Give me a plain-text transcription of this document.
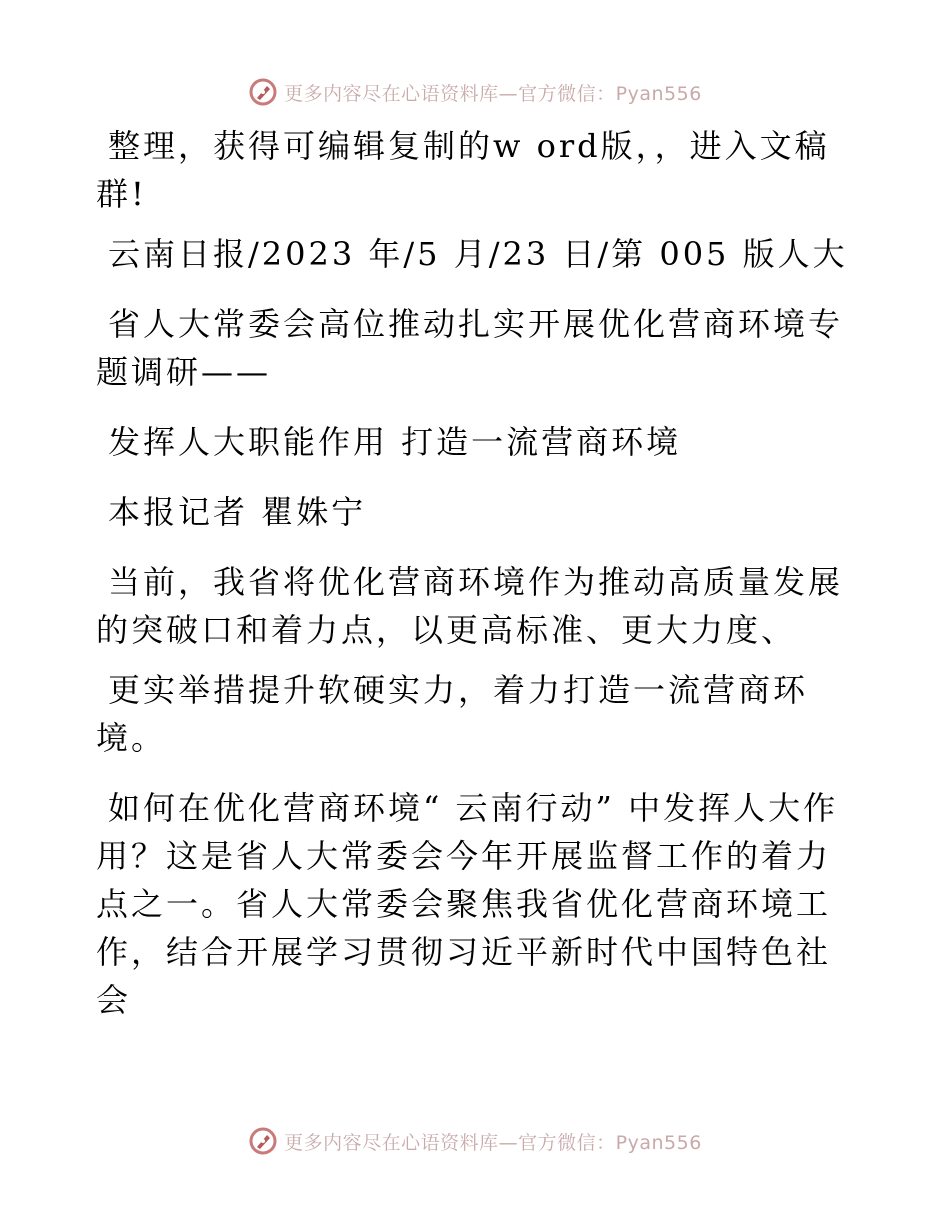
更多内容尽在心语资料库—官方微信：Pyan556

整理，获得可编辑复制的w ord版，，进入文稿群!

云南日报/2023 年/5 月/23 日/第 005 版人大

省人大常委会高位推动扎实开展优化营商环境专题调研——

发挥人大职能作用 打造一流营商环境

本报记者 瞿姝宁

当前，我省将优化营商环境作为推动高质量发展的突破口和着力点，以更高标准、更大力度、

更实举措提升软硬实力，着力打造一流营商环境。

如何在优化营商环境“ 云南行动” 中发挥人大作用？这是省人大常委会今年开展监督工作的着力点之一。省人大常委会聚焦我省优化营商环境工作，结合开展学习贯彻习近平新时代中国特色社会

更多内容尽在心语资料库—官方微信：Pyan556
